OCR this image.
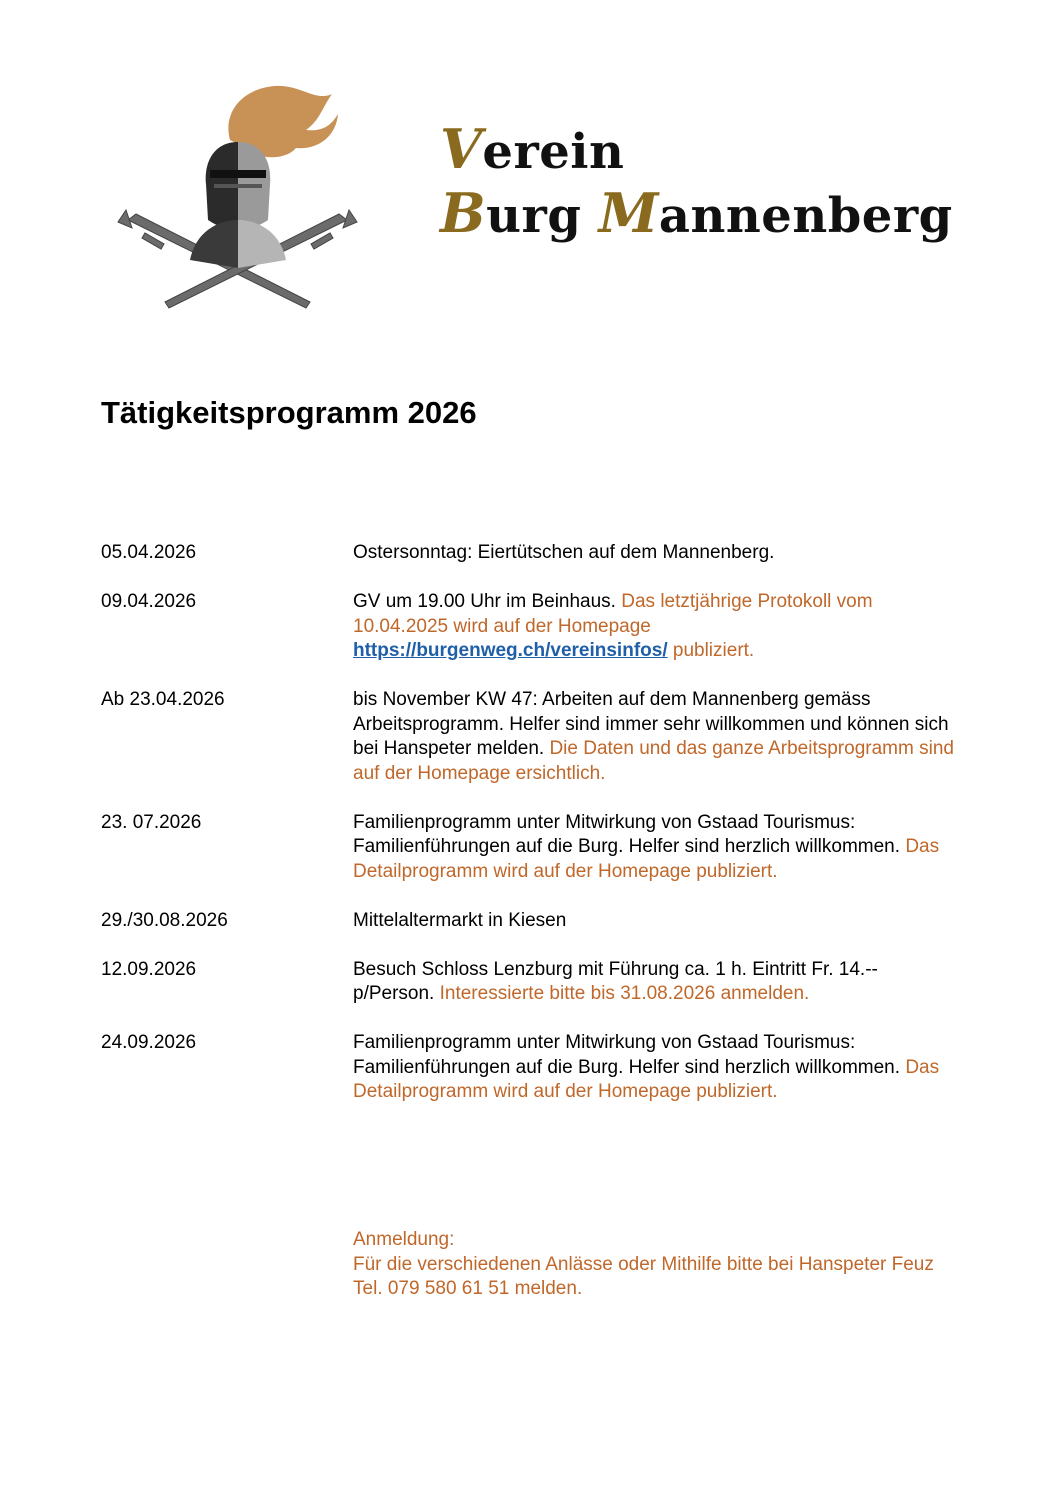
Verein
Burg Mannenberg
Tätigkeitsprogramm 2026
05.04.2026	Ostersonntag: Eiertütschen auf dem Mannenberg.
09.04.2026	GV um 19.00 Uhr im Beinhaus. Das letztjährige Protokoll vom 10.04.2025 wird auf der Homepage https://burgenweg.ch/vereinsinfos/ publiziert.
Ab 23.04.2026	bis November KW 47: Arbeiten auf dem Mannenberg gemäss Arbeitsprogramm. Helfer sind immer sehr willkommen und können sich bei Hanspeter melden. Die Daten und das ganze Arbeitsprogramm sind auf der Homepage ersichtlich.
23. 07.2026	Familienprogramm unter Mitwirkung von Gstaad Tourismus: Familienführungen auf die Burg. Helfer sind herzlich willkommen. Das Detailprogramm wird auf der Homepage publiziert.
29./30.08.2026	Mittelaltermarkt in Kiesen
12.09.2026	Besuch Schloss Lenzburg mit Führung ca. 1 h. Eintritt Fr. 14.-- p/Person. Interessierte bitte bis 31.08.2026 anmelden.
24.09.2026	Familienprogramm unter Mitwirkung von Gstaad Tourismus: Familienführungen auf die Burg. Helfer sind herzlich willkommen. Das Detailprogramm wird auf der Homepage publiziert.
Anmeldung:
Für die verschiedenen Anlässe oder Mithilfe bitte bei Hanspeter Feuz Tel. 079 580 61 51 melden.
